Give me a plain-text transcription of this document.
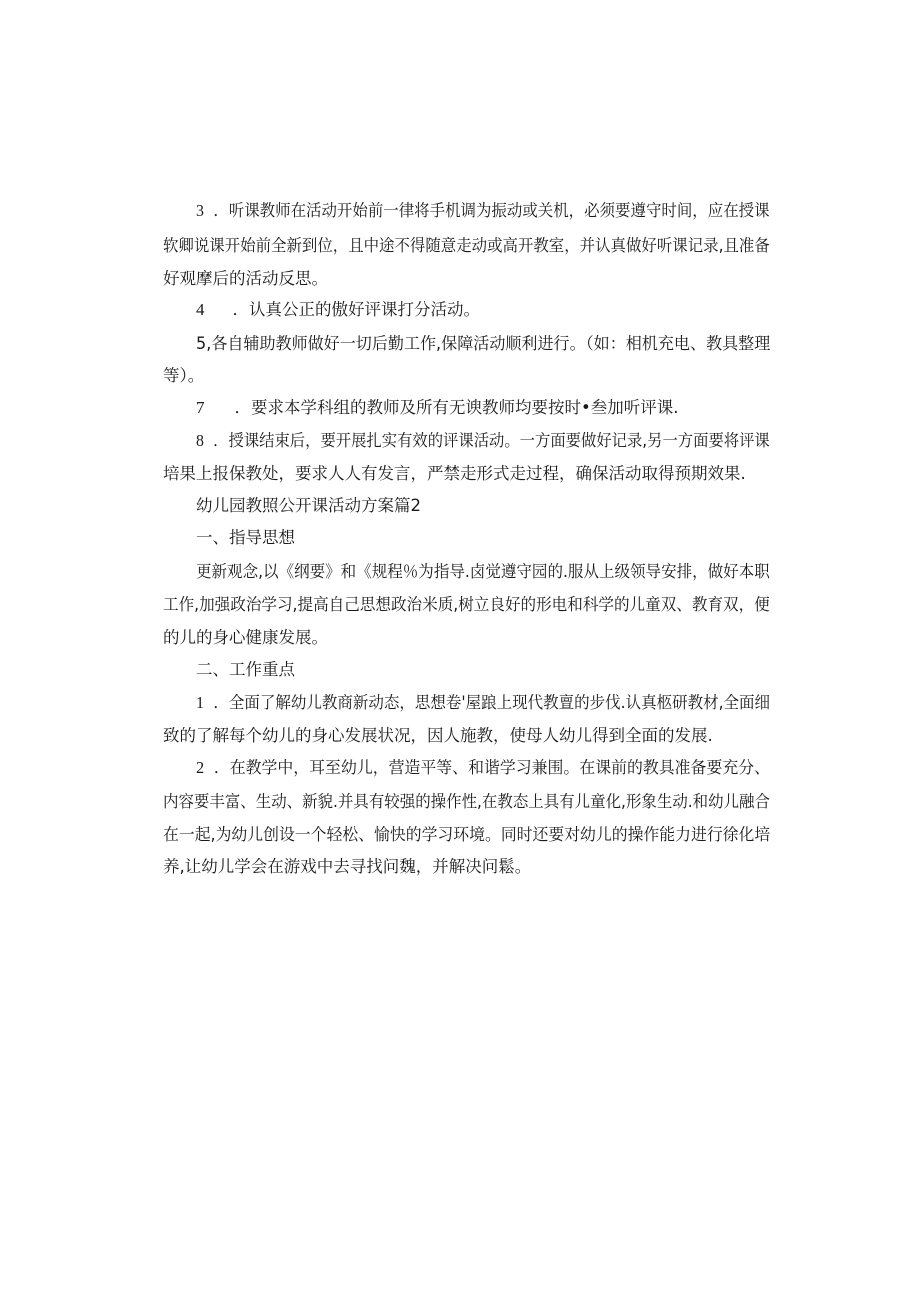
3 ．听课教师在活动开始前一律将手机调为振动或关机，必须要遵守时间，应在授课
软卿说课开始前全新到位，且中途不得随意走动或高开教室，并认真做好听课记录,且准备
好观摩后的活动反思。
4 ．认真公正的傲好评课打分活动。
5,各自辅助教师做好一切后勤工作,保障活动顺利进行。（如：相机充电、教具整理
等）。
7 ．要求本学科组的教师及所有无谀教师均要按时•叁加听评课.
8 ．授课结束后，要开展扎实有效的评课活动。一方面要做好记录,另一方面要将评课
培果上报保教处，要求人人有发言，严禁走形式走过程，确保活动取得预期效果.
幼儿园教照公开课活动方案篇2
一、指导思想
更新观念,以《纲要》和《规程％为指导.卤觉遵守园的.服从上级领导安排，做好本职
工作,加强政治学习,提高自己思想政治米质,树立良好的形电和科学的儿童双、教育双，便
的儿的身心健康发展。
二、工作重点
1 ．全面了解幼儿教商新动态，思想卷'屋踉上现代教亶的步伐.认真柩研教材,全面细
致的了解每个幼儿的身心发展状况，因人施教，使母人幼儿得到全面的发展.
2 ．在教学中，耳至幼儿，营造平等、和谐学习兼围。在课前的教具准备要充分、
内容要丰富、生动、新貌.并具有较强的操作性,在教态上具有儿童化,形象生动.和幼儿融合
在一起,为幼儿创设一个轻松、愉快的学习环境。同时还要对幼儿的操作能力进行徐化培
养,让幼儿学会在游戏中去寻找问魏，并解决问鬆。
